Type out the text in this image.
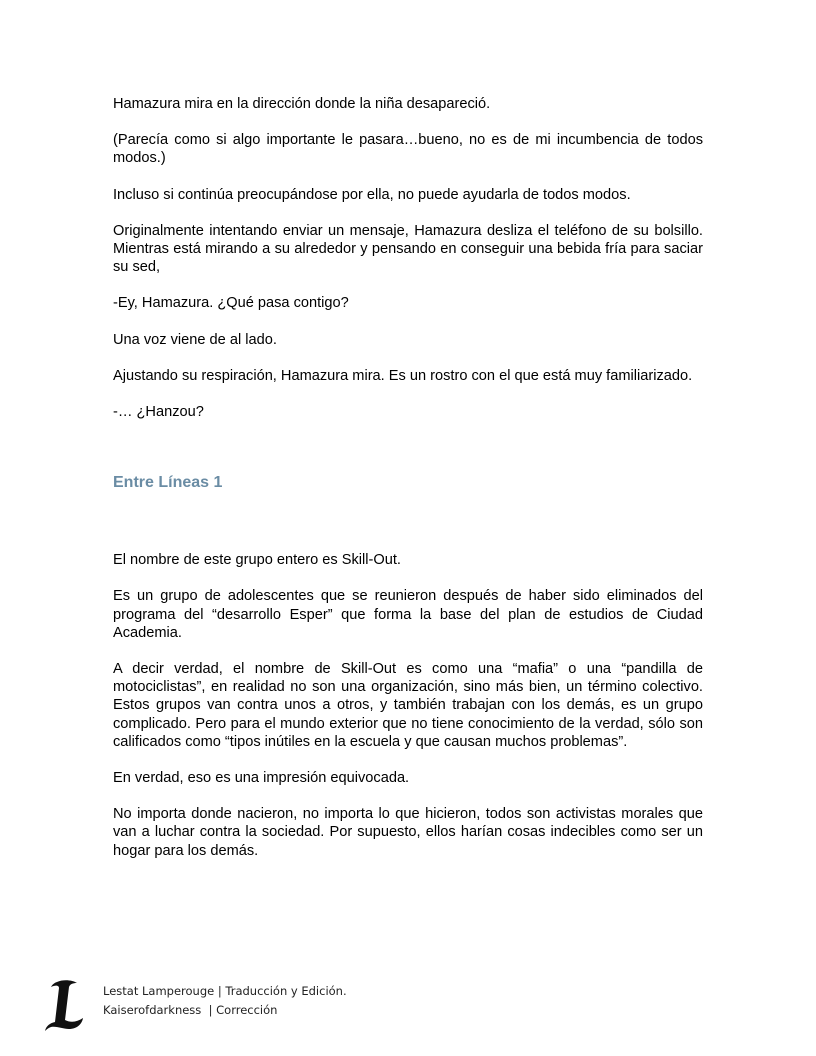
Hamazura mira en la dirección donde la niña desapareció.

(Parecía como si algo importante le pasara…bueno, no es de mi incumbencia de todos modos.)

Incluso si continúa preocupándose por ella, no puede ayudarla de todos modos.

Originalmente intentando enviar un mensaje, Hamazura desliza el teléfono de su bolsillo. Mientras está mirando a su alrededor y pensando en conseguir una bebida fría para saciar su sed,

-Ey, Hamazura. ¿Qué pasa contigo?

Una voz viene de al lado.

Ajustando su respiración, Hamazura mira. Es un rostro con el que está muy familiarizado.

-… ¿Hanzou?

Entre Líneas 1

El nombre de este grupo entero es Skill-Out.

Es un grupo de adolescentes que se reunieron después de haber sido eliminados del programa del “desarrollo Esper” que forma la base del plan de estudios de Ciudad Academia.

A decir verdad, el nombre de Skill-Out es como una “mafia” o una “pandilla de motociclistas”, en realidad no son una organización, sino más bien, un término colectivo. Estos grupos van contra unos a otros, y también trabajan con los demás, es un grupo complicado. Pero para el mundo exterior que no tiene conocimiento de la verdad, sólo son calificados como “tipos inútiles en la escuela y que causan muchos problemas”.

En verdad, eso es una impresión equivocada.

No importa donde nacieron, no importa lo que hicieron, todos son activistas morales que van a luchar contra la sociedad. Por supuesto, ellos harían cosas indecibles como ser un hogar para los demás.

Lestat Lamperouge | Traducción y Edición.
Kaiserofdarkness  | Corrección
